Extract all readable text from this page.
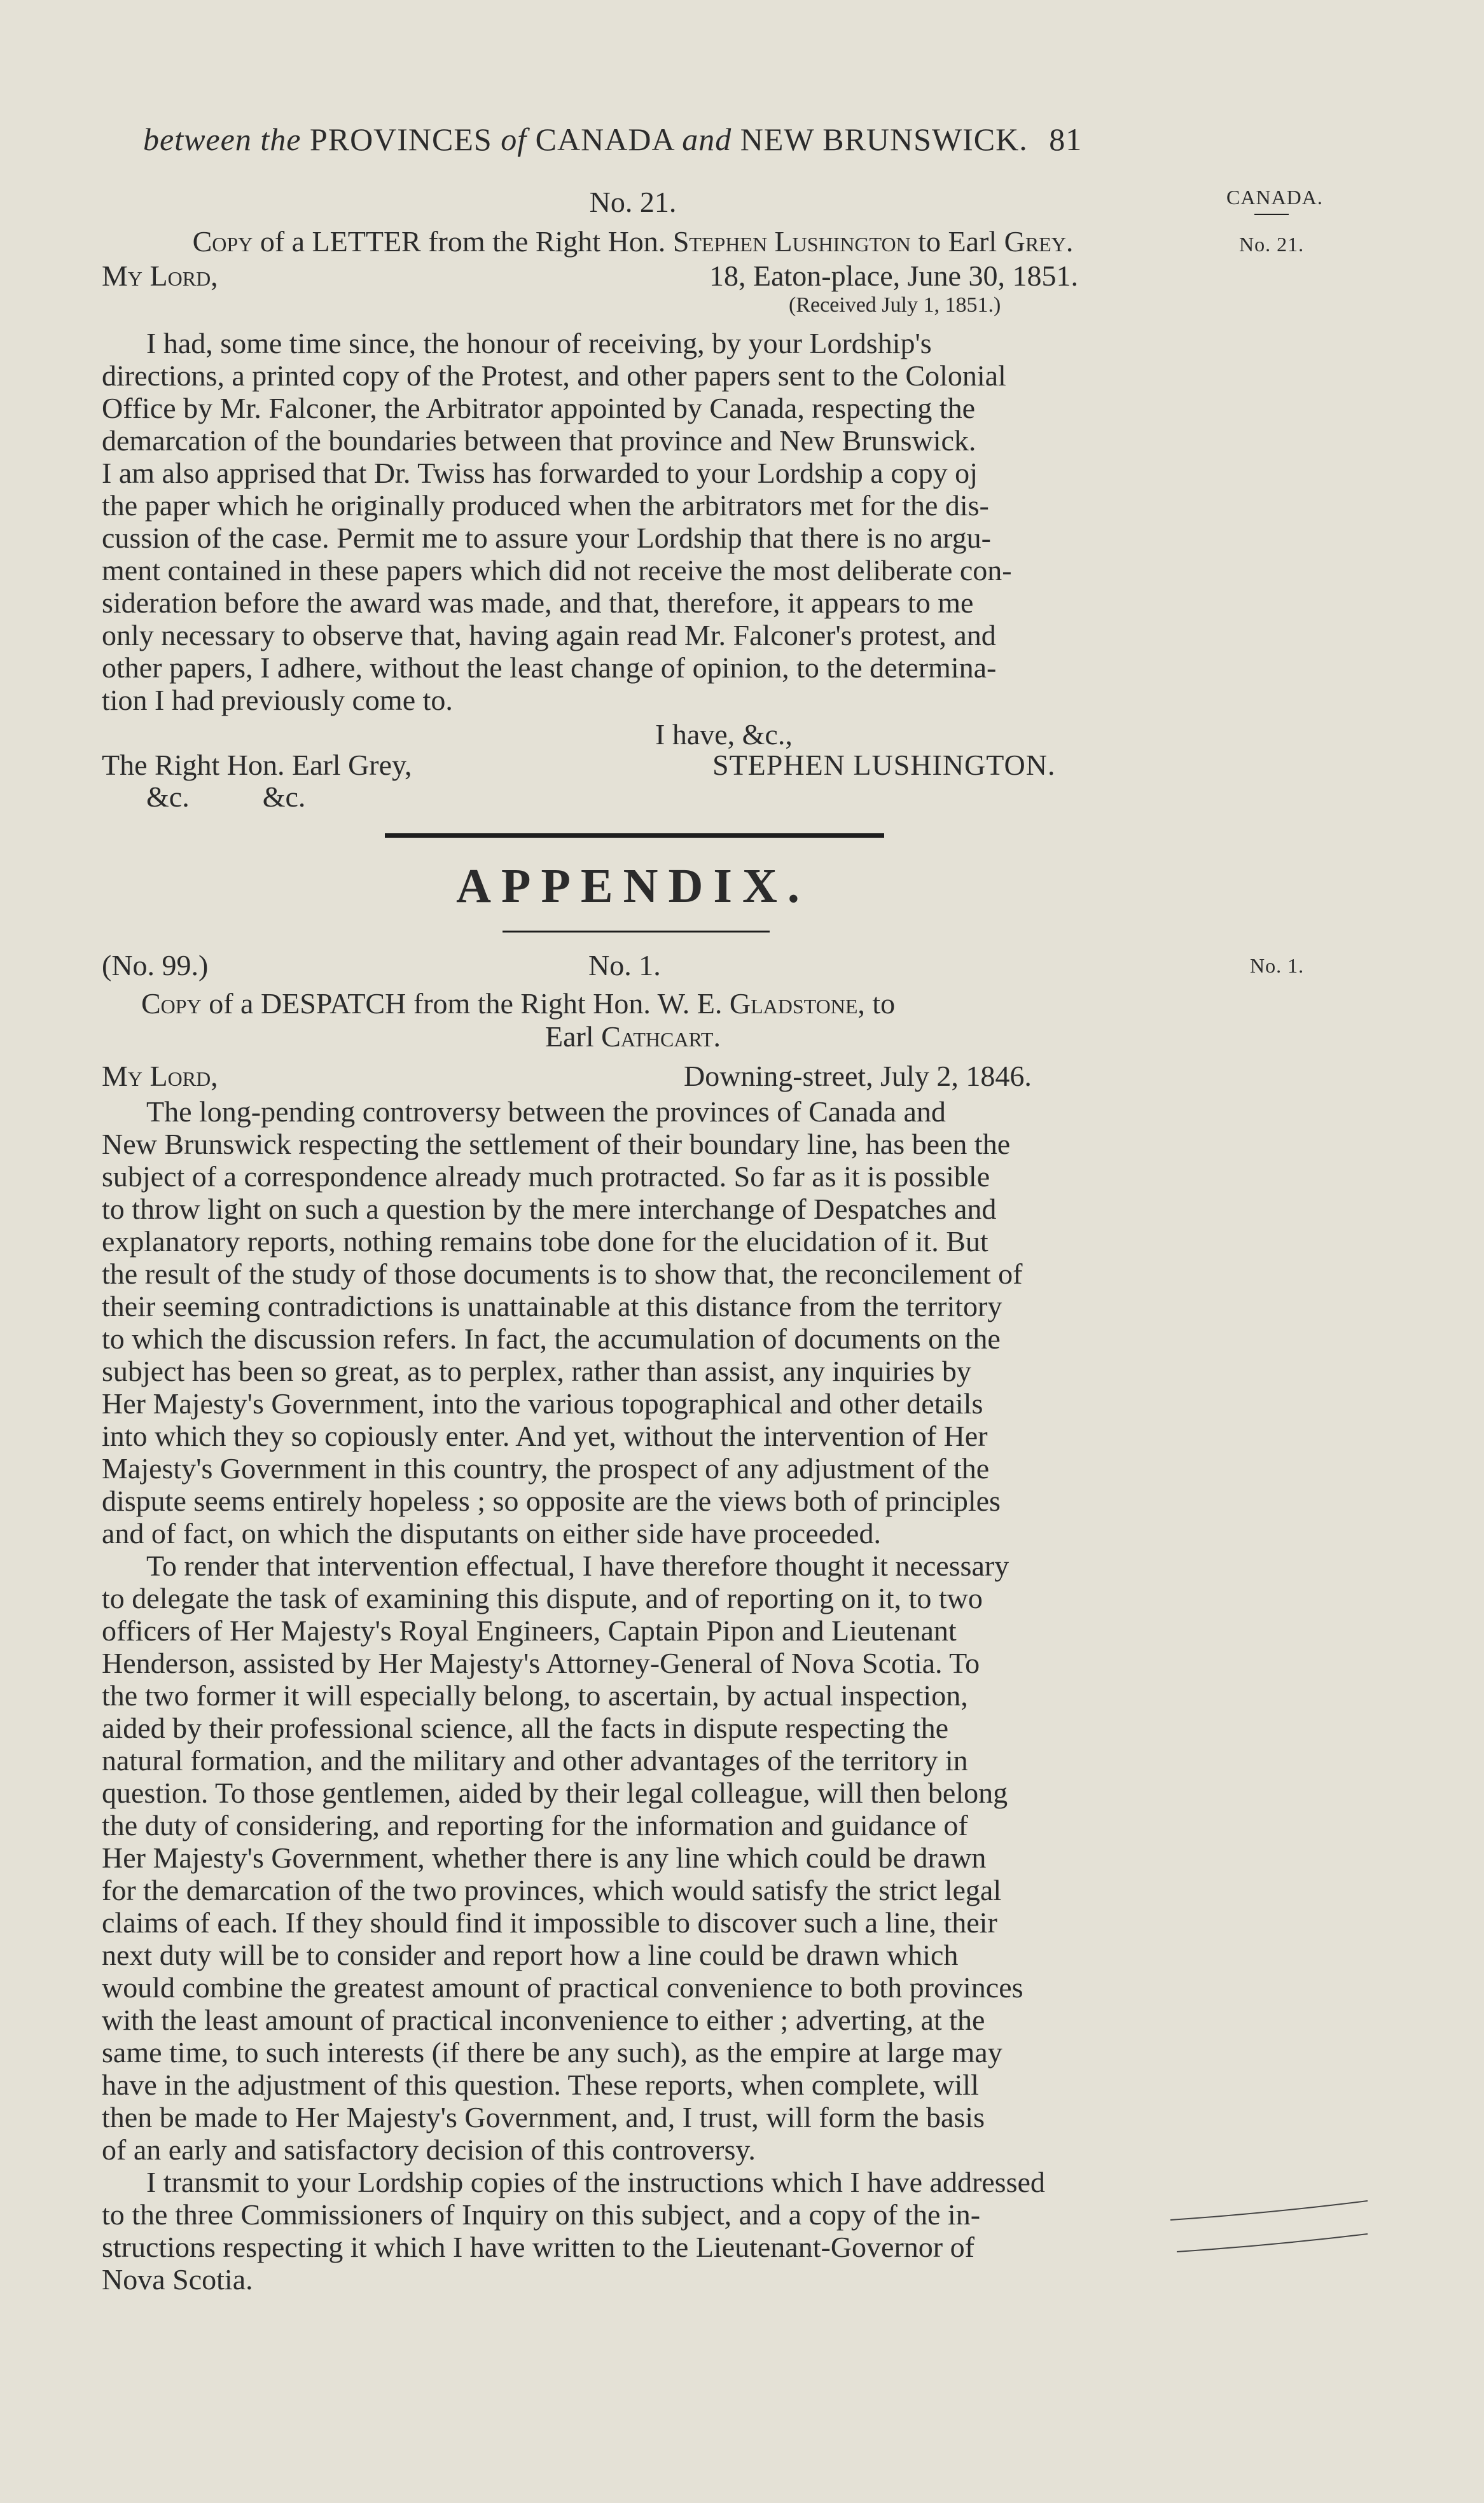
between the PROVINCES of CANADA and NEW BRUNSWICK. 81
CANADA.
No. 21.
No. 1.
No. 21.
Copy of a LETTER from the Right Hon. Stephen Lushington to Earl Grey.
My Lord,	18, Eaton-place, June 30, 1851.
(Received July 1, 1851.)

I had, some time since, the honour of receiving, by your Lordship's
directions, a printed copy of the Protest, and other papers sent to the Colonial
Office by Mr. Falconer, the Arbitrator appointed by Canada, respecting the
demarcation of the boundaries between that province and New Brunswick.

I am also apprised that Dr. Twiss has forwarded to your Lordship a copy oj
the paper which he originally produced when the arbitrators met for the dis-
cussion of the case. Permit me to assure your Lordship that there is no argu-
ment contained in these papers which did not receive the most deliberate con-
sideration before the award was made, and that, therefore, it appears to me
only necessary to observe that, having again read Mr. Falconer's protest, and
other papers, I adhere, without the least change of opinion, to the determina-
tion I had previously come to.

I have, &c.,
The Right Hon. Earl Grey,	STEPHEN LUSHINGTON.
&c.          &c.
APPENDIX.
(No. 99.)	No. 1.
Copy of a DESPATCH from the Right Hon. W. E. Gladstone, to
Earl Cathcart.
My Lord,	Downing-street, July 2, 1846.

The long-pending controversy between the provinces of Canada and
New Brunswick respecting the settlement of their boundary line, has been the
subject of a correspondence already much protracted. So far as it is possible
to throw light on such a question by the mere interchange of Despatches and
explanatory reports, nothing remains tobe done for the elucidation of it. But
the result of the study of those documents is to show that, the reconcilement of
their seeming contradictions is unattainable at this distance from the territory
to which the discussion refers. In fact, the accumulation of documents on the
subject has been so great, as to perplex, rather than assist, any inquiries by
Her Majesty's Government, into the various topographical and other details
into which they so copiously enter. And yet, without the intervention of Her
Majesty's Government in this country, the prospect of any adjustment of the
dispute seems entirely hopeless ; so opposite are the views both of principles
and of fact, on which the disputants on either side have proceeded.

To render that intervention effectual, I have therefore thought it necessary
to delegate the task of examining this dispute, and of reporting on it, to two
officers of Her Majesty's Royal Engineers, Captain Pipon and Lieutenant
Henderson, assisted by Her Majesty's Attorney-General of Nova Scotia. To
the two former it will especially belong, to ascertain, by actual inspection,
aided by their professional science, all the facts in dispute respecting the
natural formation, and the military and other advantages of the territory in
question. To those gentlemen, aided by their legal colleague, will then belong
the duty of considering, and reporting for the information and guidance of
Her Majesty's Government, whether there is any line which could be drawn
for the demarcation of the two provinces, which would satisfy the strict legal
claims of each. If they should find it impossible to discover such a line, their
next duty will be to consider and report how a line could be drawn which
would combine the greatest amount of practical convenience to both provinces
with the least amount of practical inconvenience to either ; adverting, at the
same time, to such interests (if there be any such), as the empire at large may
have in the adjustment of this question. These reports, when complete, will
then be made to Her Majesty's Government, and, I trust, will form the basis
of an early and satisfactory decision of this controversy.

I transmit to your Lordship copies of the instructions which I have addressed
to the three Commissioners of Inquiry on this subject, and a copy of the in-
structions respecting it which I have written to the Lieutenant-Governor of
Nova Scotia.
